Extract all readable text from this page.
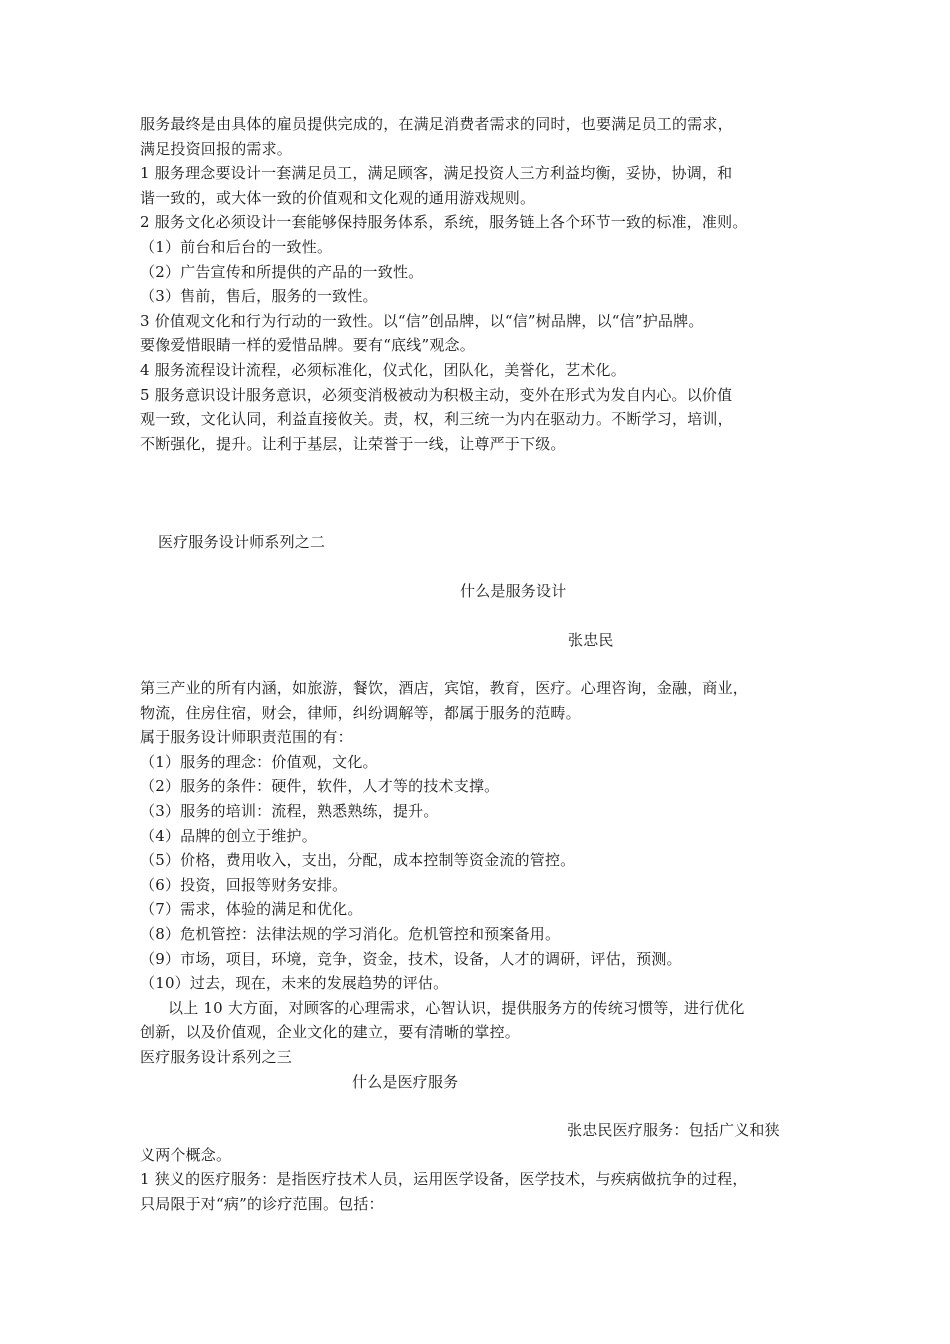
服务最终是由具体的雇员提供完成的，在满足消费者需求的同时，也要满足员工的需求，

满足投资回报的需求。

1 服务理念要设计一套满足员工，满足顾客，满足投资人三方利益均衡，妥协，协调，和

谐一致的，或大体一致的价值观和文化观的通用游戏规则。

2 服务文化必须设计一套能够保持服务体系，系统，服务链上各个环节一致的标准，准则。

（1）前台和后台的一致性。

（2）广告宣传和所提供的产品的一致性。

（3）售前，售后，服务的一致性。

3 价值观文化和行为行动的一致性。以“信”创品牌，以“信”树品牌，以“信”护品牌。

要像爱惜眼睛一样的爱惜品牌。要有“底线”观念。

4 服务流程设计流程，必须标准化，仪式化，团队化，美誉化，艺术化。

5 服务意识设计服务意识，必须变消极被动为积极主动，变外在形式为发自内心。以价值

观一致，文化认同，利益直接攸关。责，权，利三统一为内在驱动力。不断学习，培训，

不断强化，提升。让利于基层，让荣誉于一线，让尊严于下级。

医疗服务设计师系列之二

什么是服务设计

张忠民

第三产业的所有内涵，如旅游，餐饮，酒店，宾馆，教育，医疗。心理咨询，金融，商业，

物流，住房住宿，财会，律师，纠纷调解等，都属于服务的范畴。

属于服务设计师职责范围的有：

（1）服务的理念：价值观，文化。

（2）服务的条件：硬件，软件，人才等的技术支撑。

（3）服务的培训：流程，熟悉熟练，提升。

（4）品牌的创立于维护。

（5）价格，费用收入，支出，分配，成本控制等资金流的管控。

（6）投资，回报等财务安排。

（7）需求，体验的满足和优化。

（8）危机管控：法律法规的学习消化。危机管控和预案备用。

（9）市场，项目，环境，竞争，资金，技术，设备，人才的调研，评估，预测。

（10）过去，现在，未来的发展趋势的评估。

以上 10 大方面，对顾客的心理需求，心智认识，提供服务方的传统习惯等，进行优化

创新，以及价值观，企业文化的建立，要有清晰的掌控。

医疗服务设计系列之三

什么是医疗服务

张忠民医疗服务：包括广义和狭

义两个概念。

1 狭义的医疗服务：是指医疗技术人员，运用医学设备，医学技术，与疾病做抗争的过程，

只局限于对“病”的诊疗范围。包括：
